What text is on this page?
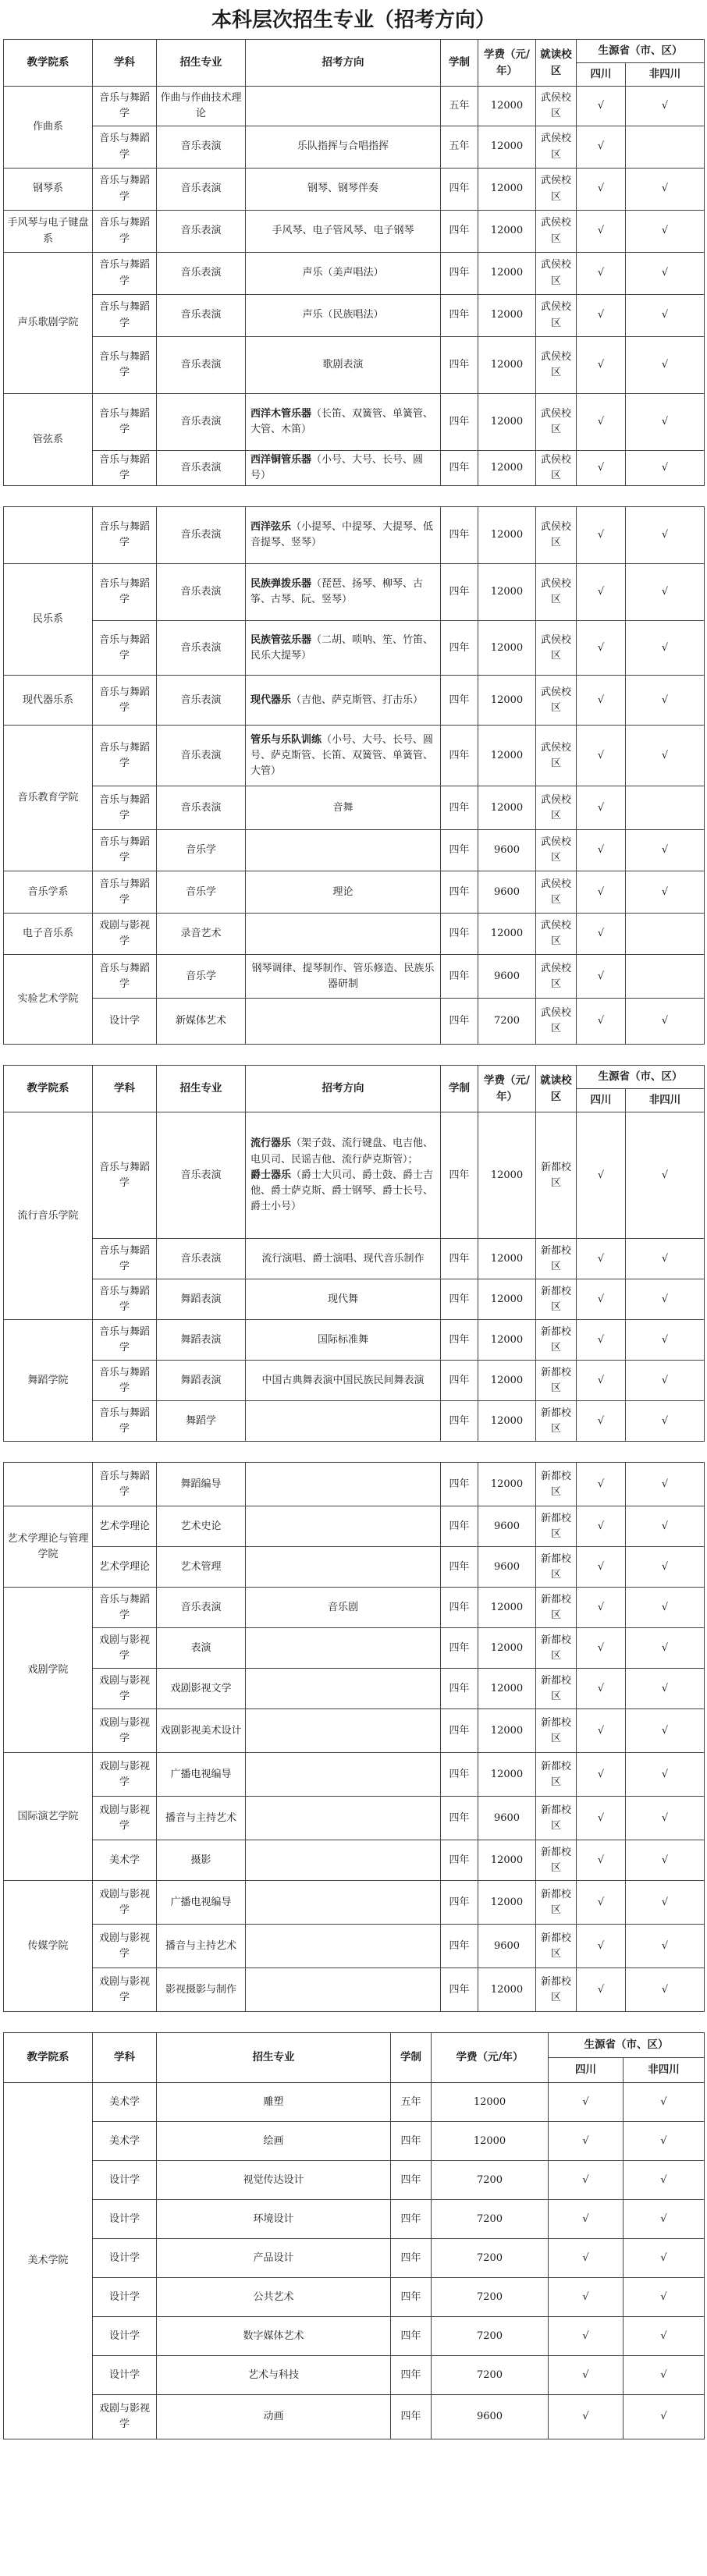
本科层次招生专业（招考方向）
教学院系	学科	招生专业	招考方向	学制	学费（元/年）	就读校区	生源省（市、区）	
							四川	非四川
作曲系	音乐与舞蹈学	作曲与作曲技术理论		五年	12000	武侯校区	√	√
	音乐与舞蹈学	音乐表演	乐队指挥与合唱指挥	五年	12000	武侯校区	√	
钢琴系	音乐与舞蹈学	音乐表演	钢琴、钢琴伴奏	四年	12000	武侯校区	√	√
手风琴与电子键盘系	音乐与舞蹈学	音乐表演	手风琴、电子管风琴、电子钢琴	四年	12000	武侯校区	√	√
声乐歌剧学院	音乐与舞蹈学	音乐表演	声乐（美声唱法）	四年	12000	武侯校区	√	√
	音乐与舞蹈学	音乐表演	声乐（民族唱法）	四年	12000	武侯校区	√	√
	音乐与舞蹈学	音乐表演	歌剧表演	四年	12000	武侯校区	√	√
管弦系	音乐与舞蹈学	音乐表演	西洋木管乐器（长笛、双簧管、单簧管、大管、木笛）	四年	12000	武侯校区	√	√
	音乐与舞蹈学	音乐表演	西洋铜管乐器（小号、大号、长号、圆号）	四年	12000	武侯校区	√	√
	音乐与舞蹈学	音乐表演	西洋弦乐（小提琴、中提琴、大提琴、低音提琴、竖琴）	四年	12000	武侯校区	√	√
民乐系	音乐与舞蹈学	音乐表演	民族弹拨乐器（琵琶、扬琴、柳琴、古筝、古琴、阮、竖琴）	四年	12000	武侯校区	√	√
	音乐与舞蹈学	音乐表演	民族管弦乐器（二胡、唢呐、笙、竹笛、民乐大提琴）	四年	12000	武侯校区	√	√
现代器乐系	音乐与舞蹈学	音乐表演	现代器乐（吉他、萨克斯管、打击乐）	四年	12000	武侯校区	√	√
音乐教育学院	音乐与舞蹈学	音乐表演	管乐与乐队训练（小号、大号、长号、圆号、萨克斯管、长笛、双簧管、单簧管、大管）	四年	12000	武侯校区	√	√
	音乐与舞蹈学	音乐表演	音舞	四年	12000	武侯校区	√	
	音乐与舞蹈学	音乐学		四年	9600	武侯校区	√	√
音乐学系	音乐与舞蹈学	音乐学	理论	四年	9600	武侯校区	√	√
电子音乐系	戏剧与影视学	录音艺术		四年	12000	武侯校区	√	
实验艺术学院	音乐与舞蹈学	音乐学	钢琴调律、提琴制作、管乐修造、民族乐器研制	四年	9600	武侯校区	√	
	设计学	新媒体艺术		四年	7200	武侯校区	√	√
教学院系	学科	招生专业	招考方向	学制	学费（元/年）	就读校区	生源省（市、区）	
							四川	非四川
流行音乐学院	音乐与舞蹈学	音乐表演	流行器乐（架子鼓、流行键盘、电吉他、电贝司、民谣吉他、流行萨克斯管）；
爵士器乐（爵士大贝司、爵士鼓、爵士吉他、爵士萨克斯、爵士钢琴、爵士长号、爵士小号）	四年	12000	新都校区	√	√
	音乐与舞蹈学	音乐表演	流行演唱、爵士演唱、现代音乐制作	四年	12000	新都校区	√	√
	音乐与舞蹈学	舞蹈表演	现代舞	四年	12000	新都校区	√	√
舞蹈学院	音乐与舞蹈学	舞蹈表演	国际标准舞	四年	12000	新都校区	√	√
	音乐与舞蹈学	舞蹈表演	中国古典舞表演中国民族民间舞表演	四年	12000	新都校区	√	√
	音乐与舞蹈学	舞蹈学		四年	12000	新都校区	√	√
	音乐与舞蹈学	舞蹈编导		四年	12000	新都校区	√	√
艺术学理论与管理学院	艺术学理论	艺术史论		四年	9600	新都校区	√	√
	艺术学理论	艺术管理		四年	9600	新都校区	√	√
戏剧学院	音乐与舞蹈学	音乐表演	音乐剧	四年	12000	新都校区	√	√
	戏剧与影视学	表演		四年	12000	新都校区	√	√
	戏剧与影视学	戏剧影视文学		四年	12000	新都校区	√	√
	戏剧与影视学	戏剧影视美术设计		四年	12000	新都校区	√	√
国际演艺学院	戏剧与影视学	广播电视编导		四年	12000	新都校区	√	√
	戏剧与影视学	播音与主持艺术		四年	9600	新都校区	√	√
	美术学	摄影		四年	12000	新都校区	√	√
传媒学院	戏剧与影视学	广播电视编导		四年	12000	新都校区	√	√
	戏剧与影视学	播音与主持艺术		四年	9600	新都校区	√	√
	戏剧与影视学	影视摄影与制作		四年	12000	新都校区	√	√
教学院系	学科	招生专业	学制	学费（元/年）	生源省（市、区）	
					四川	非四川
美术学院	美术学	雕塑	五年	12000	√	√
	美术学	绘画	四年	12000	√	√
	设计学	视觉传达设计	四年	7200	√	√
	设计学	环境设计	四年	7200	√	√
	设计学	产品设计	四年	7200	√	√
	设计学	公共艺术	四年	7200	√	√
	设计学	数字媒体艺术	四年	7200	√	√
	设计学	艺术与科技	四年	7200	√	√
	戏剧与影视学	动画	四年	9600	√	√
